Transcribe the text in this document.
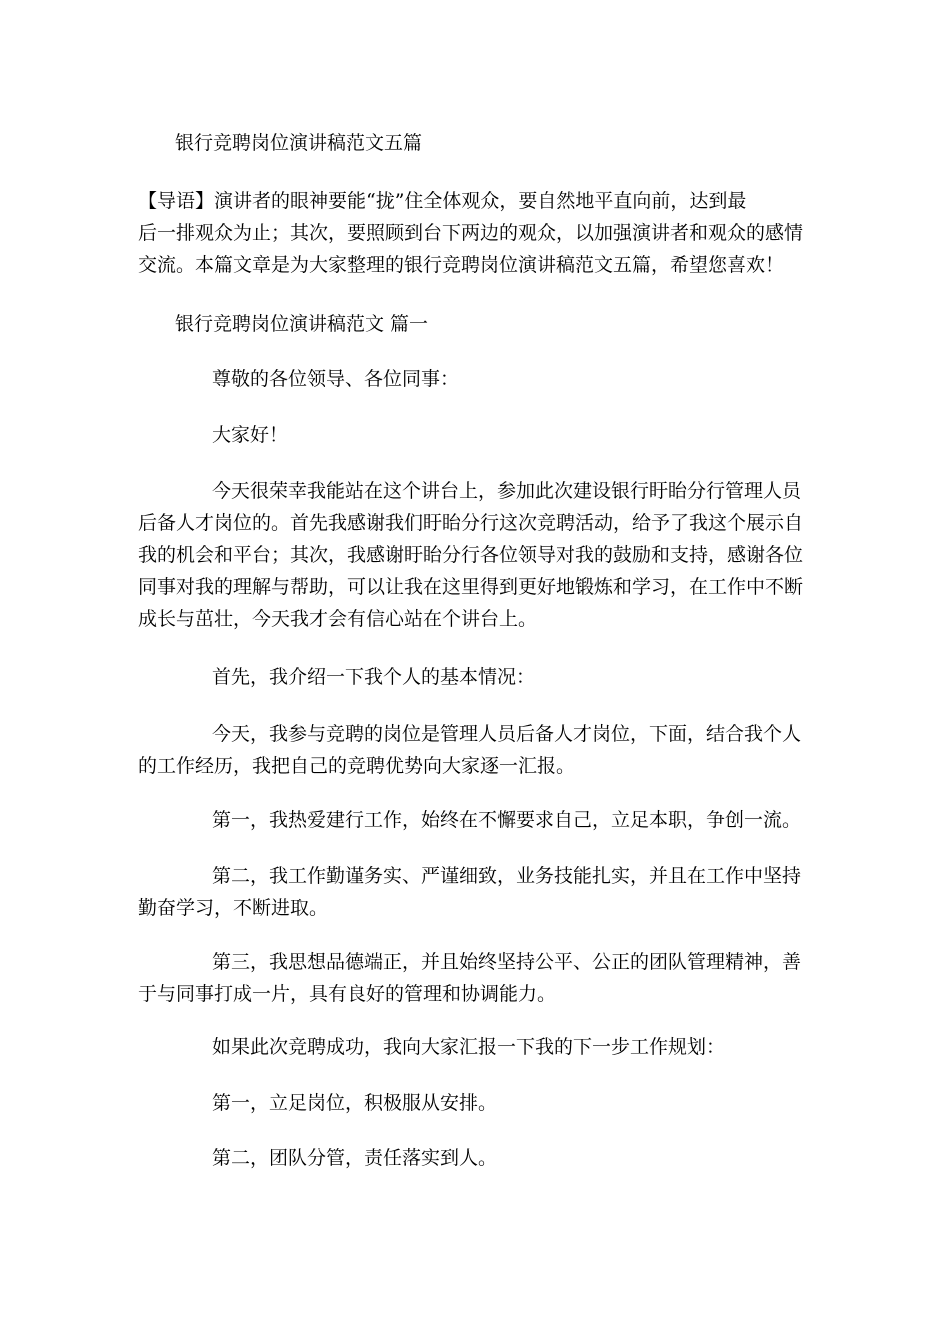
银行竞聘岗位演讲稿范文五篇
【导语】演讲者的眼神要能“拢”住全体观众，要自然地平直向前，达到最
后一排观众为止；其次，要照顾到台下两边的观众，以加强演讲者和观众的感情
交流。本篇文章是为大家整理的银行竞聘岗位演讲稿范文五篇，希望您喜欢！
银行竞聘岗位演讲稿范文 篇一
尊敬的各位领导、各位同事：
大家好！
今天很荣幸我能站在这个讲台上，参加此次建设银行盱眙分行管理人员
后备人才岗位的。首先我感谢我们盱眙分行这次竞聘活动，给予了我这个展示自
我的机会和平台；其次，我感谢盱眙分行各位领导对我的鼓励和支持，感谢各位
同事对我的理解与帮助，可以让我在这里得到更好地锻炼和学习，在工作中不断
成长与茁壮，今天我才会有信心站在个讲台上。
首先，我介绍一下我个人的基本情况：
今天，我参与竞聘的岗位是管理人员后备人才岗位，下面，结合我个人
的工作经历，我把自己的竞聘优势向大家逐一汇报。
第一，我热爱建行工作，始终在不懈要求自己，立足本职，争创一流。
第二，我工作勤谨务实、严谨细致，业务技能扎实，并且在工作中坚持
勤奋学习，不断进取。
第三，我思想品德端正，并且始终坚持公平、公正的团队管理精神，善
于与同事打成一片，具有良好的管理和协调能力。
如果此次竞聘成功，我向大家汇报一下我的下一步工作规划：
第一，立足岗位，积极服从安排。
第二，团队分管，责任落实到人。
